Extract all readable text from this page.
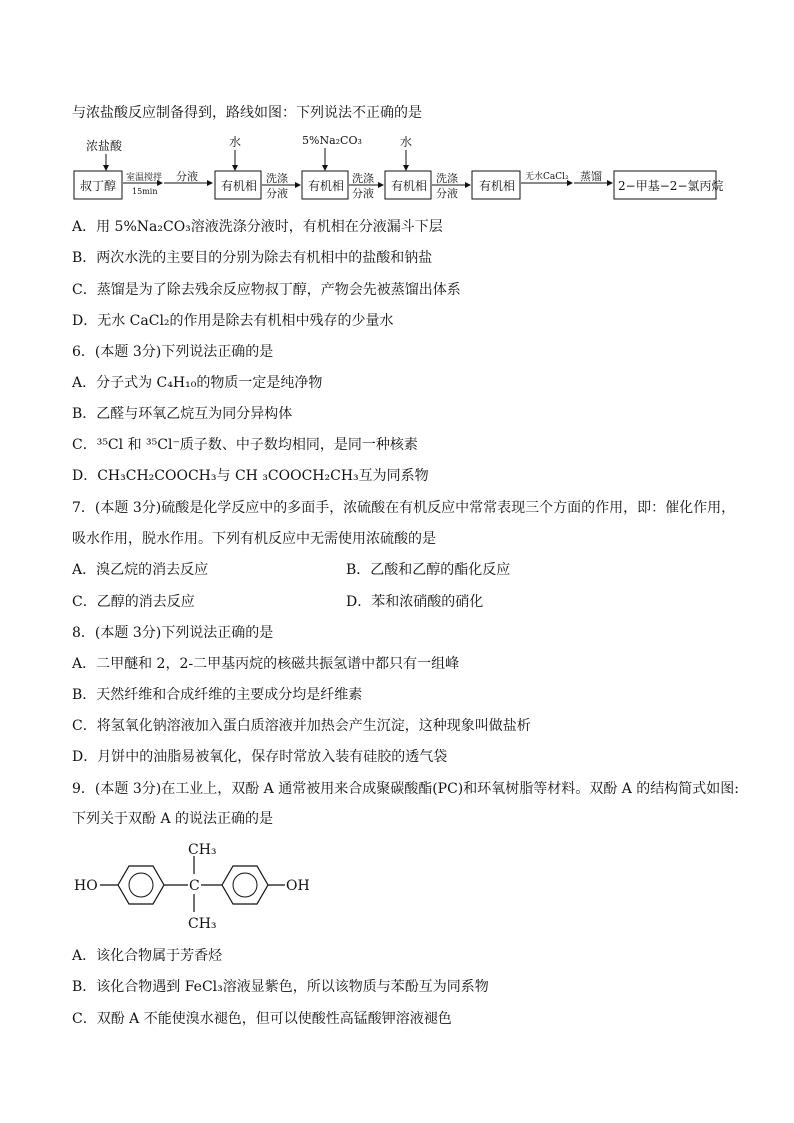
与浓盐酸反应制备得到，路线如图：下列说法不正确的是
浓盐酸	水	5%Na₂CO₃	水
叔丁醇
室温搅拌
15min
分液
有机相
洗涤
分液
有机相
洗涤
分液
有机相
洗涤
分液
有机相
无水CaCl₂ 蒸馏
2−甲基−2−氯丙烷
A．用 5%Na₂CO₃溶液洗涤分液时，有机相在分液漏斗下层
B．两次水洗的主要目的分别为除去有机相中的盐酸和钠盐
C．蒸馏是为了除去残余反应物叔丁醇，产物会先被蒸馏出体系
D．无水 CaCl₂的作用是除去有机相中残存的少量水
6．(本题 3分)下列说法正确的是
A．分子式为 C₄H₁₀的物质一定是纯净物
B．乙醛与环氧乙烷互为同分异构体
C．³⁵Cl 和 ³⁵Cl⁻质子数、中子数均相同，是同一种核素
D．CH₃CH₂COOCH₃与 CH ₃COOCH₂CH₃互为同系物
7．(本题 3分)硫酸是化学反应中的多面手，浓硫酸在有机反应中常常表现三个方面的作用，即：催化作用，
吸水作用，脱水作用。下列有机反应中无需使用浓硫酸的是
A．溴乙烷的消去反应	B．乙酸和乙醇的酯化反应
C．乙醇的消去反应	D．苯和浓硝酸的硝化
8．(本题 3分)下列说法正确的是
A．二甲醚和 2，2-二甲基丙烷的核磁共振氢谱中都只有一组峰
B．天然纤维和合成纤维的主要成分均是纤维素
C．将氢氧化钠溶液加入蛋白质溶液并加热会产生沉淀，这种现象叫做盐析
D．月饼中的油脂易被氧化，保存时常放入装有硅胶的透气袋
9．(本题 3分)在工业上，双酚 A 通常被用来合成聚碳酸酯(PC)和环氧树脂等材料。双酚 A 的结构简式如图:
下列关于双酚 A 的说法正确的是
HO	C
CH₃
CH₃
OH
A．该化合物属于芳香烃
B．该化合物遇到 FeCl₃溶液显紫色，所以该物质与苯酚互为同系物
C．双酚 A 不能使溴水褪色，但可以使酸性高锰酸钾溶液褪色
